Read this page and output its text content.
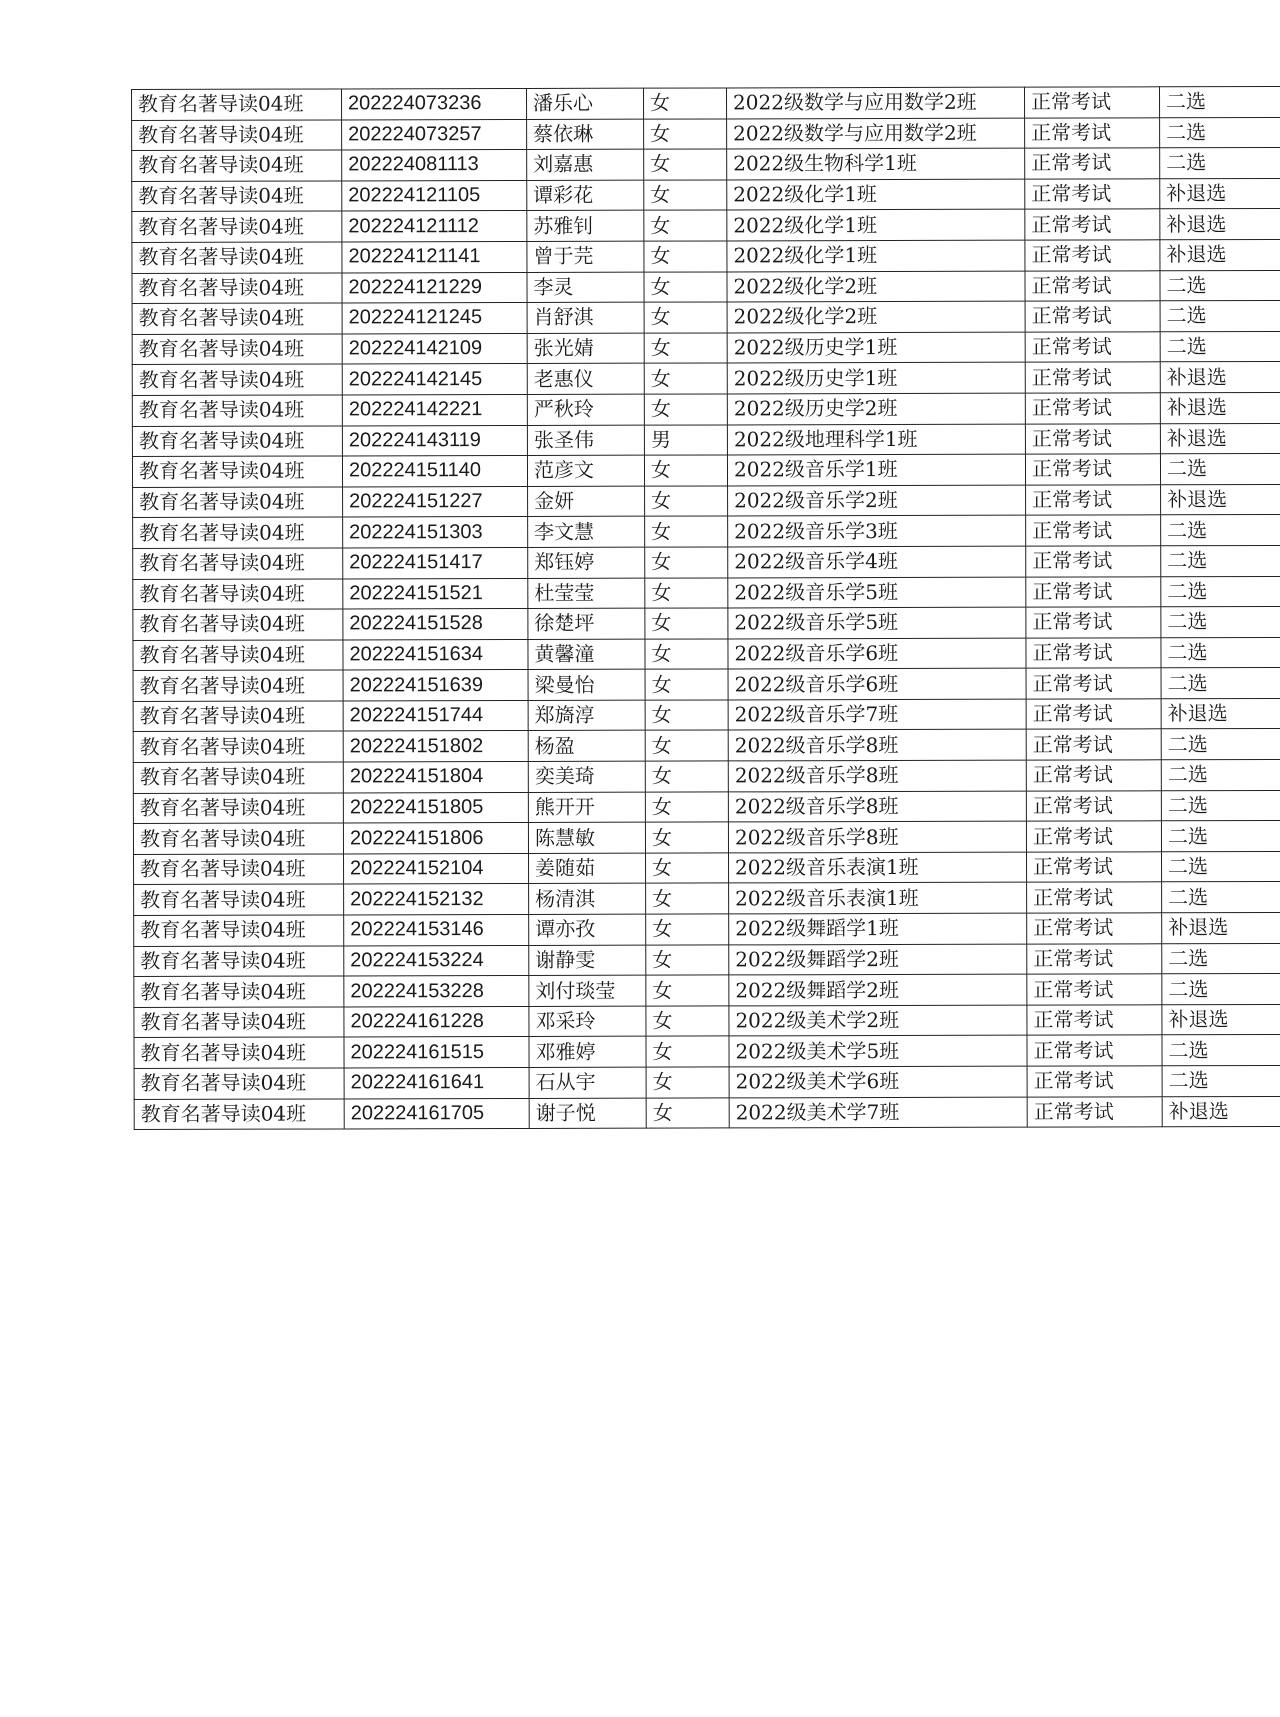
教育名著导读04班	202224073236	潘乐心	女	2022级数学与应用数学2班	正常考试	二选
教育名著导读04班	202224073257	蔡依琳	女	2022级数学与应用数学2班	正常考试	二选
教育名著导读04班	202224081113	刘嘉惠	女	2022级生物科学1班	正常考试	二选
教育名著导读04班	202224121105	谭彩花	女	2022级化学1班	正常考试	补退选
教育名著导读04班	202224121112	苏雅钊	女	2022级化学1班	正常考试	补退选
教育名著导读04班	202224121141	曾于芫	女	2022级化学1班	正常考试	补退选
教育名著导读04班	202224121229	李灵	女	2022级化学2班	正常考试	二选
教育名著导读04班	202224121245	肖舒淇	女	2022级化学2班	正常考试	二选
教育名著导读04班	202224142109	张光婧	女	2022级历史学1班	正常考试	二选
教育名著导读04班	202224142145	老惠仪	女	2022级历史学1班	正常考试	补退选
教育名著导读04班	202224142221	严秋玲	女	2022级历史学2班	正常考试	补退选
教育名著导读04班	202224143119	张圣伟	男	2022级地理科学1班	正常考试	补退选
教育名著导读04班	202224151140	范彦文	女	2022级音乐学1班	正常考试	二选
教育名著导读04班	202224151227	金妍	女	2022级音乐学2班	正常考试	补退选
教育名著导读04班	202224151303	李文慧	女	2022级音乐学3班	正常考试	二选
教育名著导读04班	202224151417	郑钰婷	女	2022级音乐学4班	正常考试	二选
教育名著导读04班	202224151521	杜莹莹	女	2022级音乐学5班	正常考试	二选
教育名著导读04班	202224151528	徐楚坪	女	2022级音乐学5班	正常考试	二选
教育名著导读04班	202224151634	黄馨潼	女	2022级音乐学6班	正常考试	二选
教育名著导读04班	202224151639	梁曼怡	女	2022级音乐学6班	正常考试	二选
教育名著导读04班	202224151744	郑旖淳	女	2022级音乐学7班	正常考试	补退选
教育名著导读04班	202224151802	杨盈	女	2022级音乐学8班	正常考试	二选
教育名著导读04班	202224151804	奕美琦	女	2022级音乐学8班	正常考试	二选
教育名著导读04班	202224151805	熊开开	女	2022级音乐学8班	正常考试	二选
教育名著导读04班	202224151806	陈慧敏	女	2022级音乐学8班	正常考试	二选
教育名著导读04班	202224152104	姜随茹	女	2022级音乐表演1班	正常考试	二选
教育名著导读04班	202224152132	杨清淇	女	2022级音乐表演1班	正常考试	二选
教育名著导读04班	202224153146	谭亦孜	女	2022级舞蹈学1班	正常考试	补退选
教育名著导读04班	202224153224	谢静雯	女	2022级舞蹈学2班	正常考试	二选
教育名著导读04班	202224153228	刘付琰莹	女	2022级舞蹈学2班	正常考试	二选
教育名著导读04班	202224161228	邓采玲	女	2022级美术学2班	正常考试	补退选
教育名著导读04班	202224161515	邓雅婷	女	2022级美术学5班	正常考试	二选
教育名著导读04班	202224161641	石从宇	女	2022级美术学6班	正常考试	二选
教育名著导读04班	202224161705	谢子悦	女	2022级美术学7班	正常考试	补退选
